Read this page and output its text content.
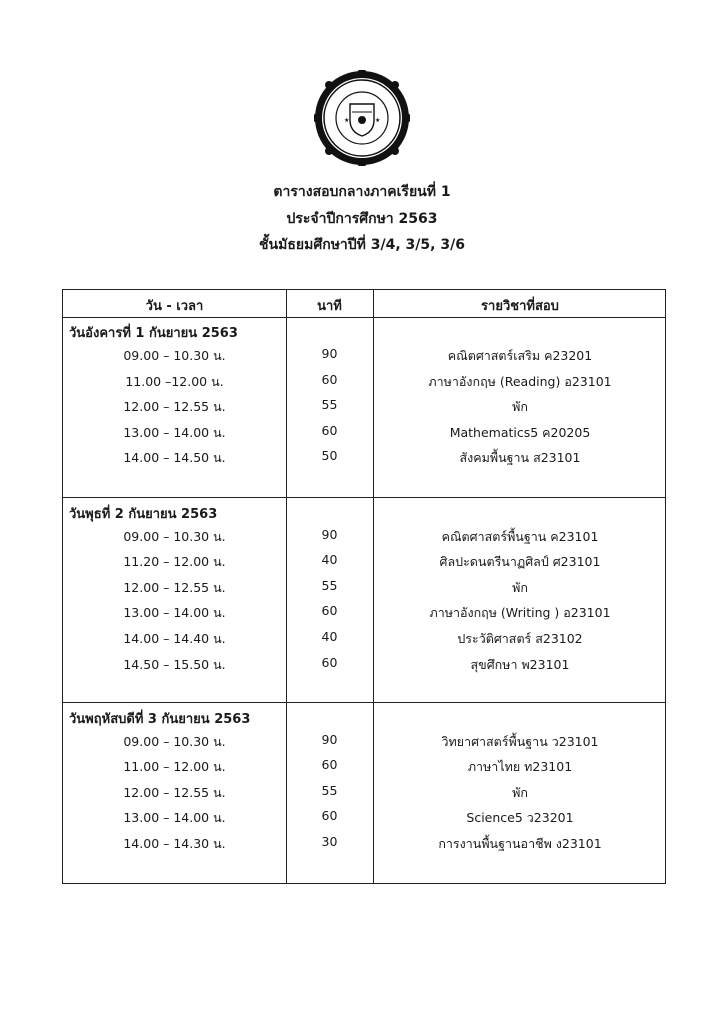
★	★
ตารางสอบกลางภาคเรียนที่ 1
ประจำปีการศึกษา 2563
ชั้นมัธยมศึกษาปีที่ 3/4, 3/5, 3/6
วัน - เวลา	นาที	รายวิชาที่สอบ
วันอังคารที่ 1 กันยายน 2563
09.00 – 10.30 น.	90	คณิตศาสตร์เสริม ค23201
11.00 –12.00 น.	60	ภาษาอังกฤษ (Reading) อ23101
12.00 – 12.55 น.	55	พัก
13.00 – 14.00 น.	60	Mathematics5 ค20205
14.00 – 14.50 น.	50	สังคมพื้นฐาน ส23101
วันพุธที่ 2 กันยายน 2563
09.00 – 10.30 น.	90	คณิตศาสตร์พื้นฐาน ค23101
11.20 – 12.00 น.	40	ศิลปะดนตรีนาฏศิลป์ ศ23101
12.00 – 12.55 น.	55	พัก
13.00 – 14.00 น.	60	ภาษาอังกฤษ (Writing ) อ23101
14.00 – 14.40 น.	40	ประวัติศาสตร์ ส23102
14.50 – 15.50 น.	60	สุขศึกษา พ23101
วันพฤหัสบดีที่ 3 กันยายน 2563
09.00 – 10.30 น.	90	วิทยาศาสตร์พื้นฐาน ว23101
11.00 – 12.00 น.	60	ภาษาไทย ท23101
12.00 – 12.55 น.	55	พัก
13.00 – 14.00 น.	60	Science5 ว23201
14.00 – 14.30 น.	30	การงานพื้นฐานอาชีพ ง23101
